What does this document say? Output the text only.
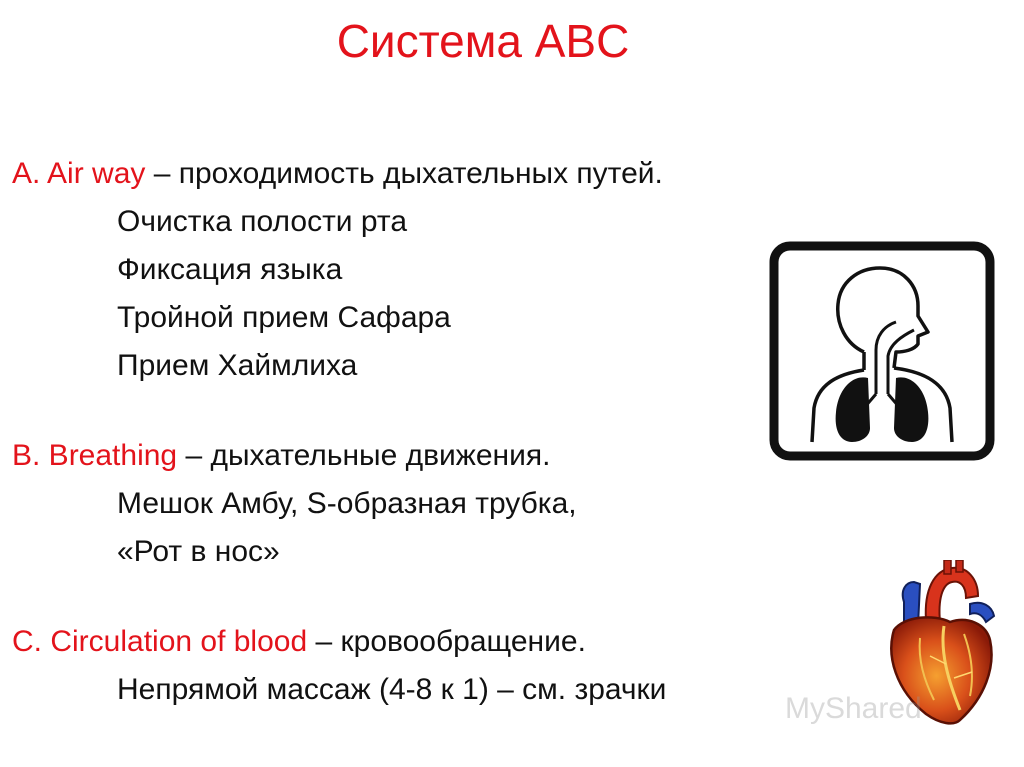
Система ABC
A. Air way – проходимость дыхательных путей.
Очистка полости рта
Фиксация языка
Тройной прием Сафара
Прием Хаймлиха
B. Breathing – дыхательные движения.
Мешок Амбу, S-образная трубка,
«Рот в нос»
C. Circulation of blood – кровообращение.
Непрямой массаж (4-8 к 1) – см. зрачки
MyShared
